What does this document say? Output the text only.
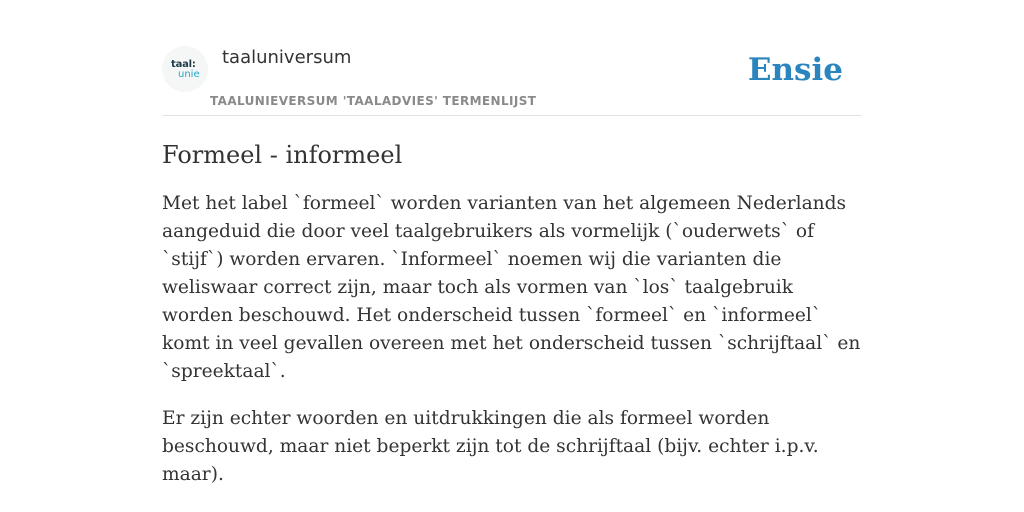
taal:
unie
taaluniversum
TAALUNIEVERSUM 'TAALADVIES' TERMENLIJST
Ensie
Formeel - informeel

Met het label `formeel` worden varianten van het algemeen Nederlands aangeduid die door veel taalgebruikers als vormelijk (`ouderwets` of `stijf`) worden ervaren. `Informeel` noemen wij die varianten die weliswaar correct zijn, maar toch als vormen van `los` taalgebruik worden beschouwd. Het onderscheid tussen `formeel` en `informeel` komt in veel gevallen overeen met het onderscheid tussen `schrijftaal` en `spreektaal`.

Er zijn echter woorden en uitdrukkingen die als formeel worden beschouwd, maar niet beperkt zijn tot de schrijftaal (bijv. echter i.p.v. maar).
